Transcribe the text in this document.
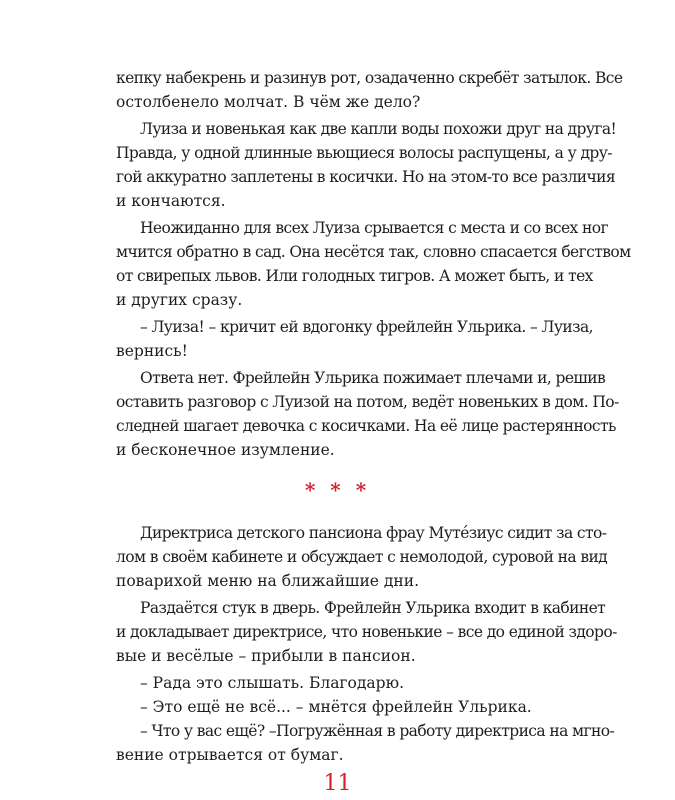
кепку набекрень и разинув рот, озадаченно скребёт затылок. Все
остолбенело молчат. В чём же дело?
Луиза и новенькая как две капли воды похожи друг на друга!
Правда, у одной длинные вьющиеся волосы распущены, а у дру-
гой аккуратно заплетены в косички. Но на этом-то все различия
и кончаются.
Неожиданно для всех Луиза срывается с места и со всех ног
мчится обратно в сад. Она несётся так, словно спасается бегством
от свирепых львов. Или голодных тигров. А может быть, и тех
и других сразу.
– Луиза! – кричит ей вдогонку фрейлейн Ульрика. – Луиза,
вернись!
Ответа нет. Фрейлейн Ульрика пожимает плечами и, решив
оставить разговор с Луизой на потом, ведёт новеньких в дом. По-
следней шагает девочка с косичками. На её лице растерянность
и бесконечное изумление.
* * *
Директриса детского пансиона фрау Мутéзиус сидит за сто-
лом в своём кабинете и обсуждает с немолодой, суровой на вид
поварихой меню на ближайшие дни.
Раздаётся стук в дверь. Фрейлейн Ульрика входит в кабинет
и докладывает директрисе, что новенькие – все до единой здоро-
вые и весёлые – прибыли в пансион.
– Рада это слышать. Благодарю.
– Это ещё не всё... – мнётся фрейлейн Ульрика.
– Что у вас ещё? –Погружённая в работу директриса на мгно-
вение отрывается от бумаг.
11
